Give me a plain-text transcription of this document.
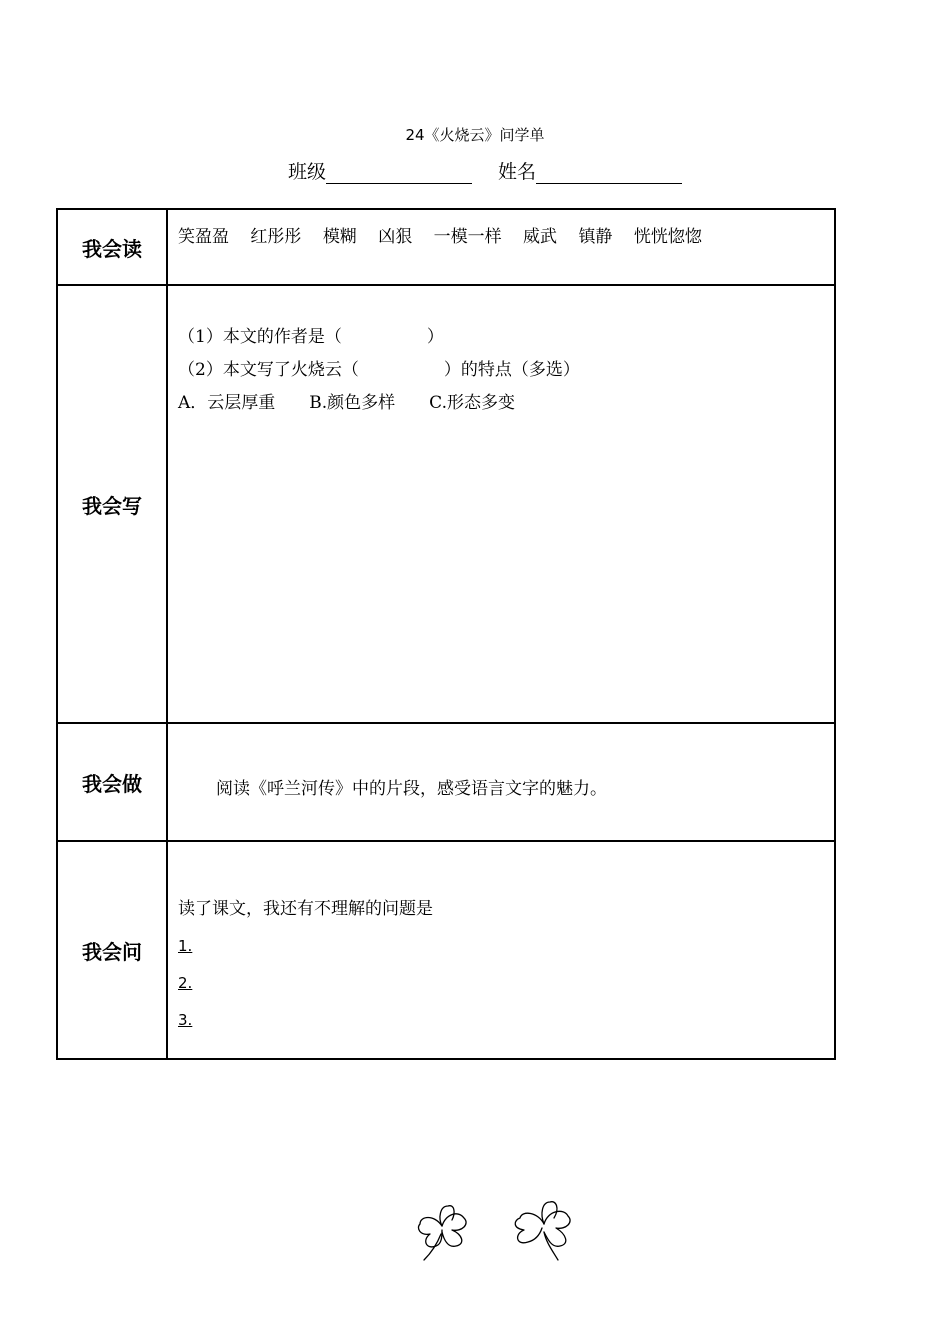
24《火烧云》问学单
班级	姓名
我会读	笑盈盈 红彤彤 模糊 凶狠 一模一样 威武 镇静 恍恍惚惚

我会写	（1）本文的作者是（　　　　　）
（2）本文写了火烧云（　　　　　）的特点（多选）
A．云层厚重　　B.颜色多样　　C.形态多变

我会做	阅读《呼兰河传》中的片段，感受语言文字的魅力。

我会问	读了课文，我还有不理解的问题是
1.
2.
3.
